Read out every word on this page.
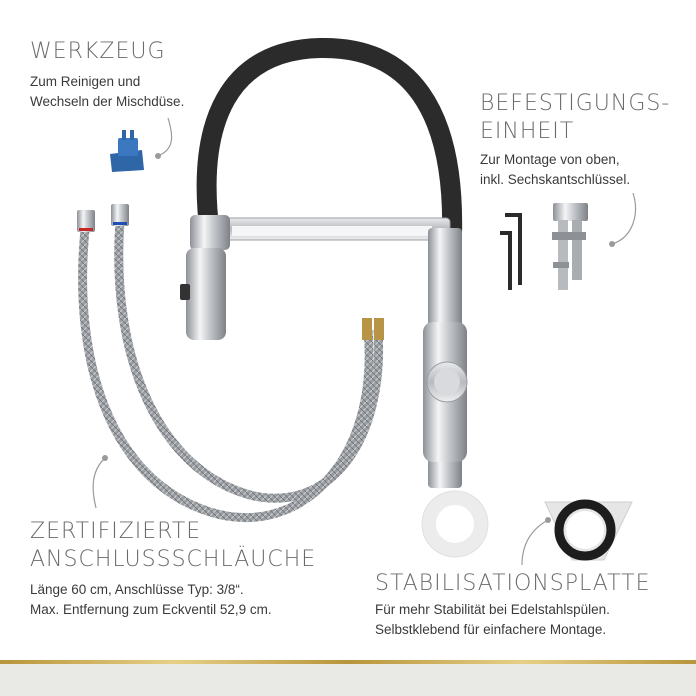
WERKZEUG
Zum Reinigen und
Wechseln der Mischdüse.	BEFESTIGUNGS-
EINHEIT
Zur Montage von oben,
inkl. Sechskantschlüssel.
ZERTIFIZIERTE
ANSCHLUSSSCHLÄUCHE
Länge 60 cm, Anschlüsse Typ: 3/8“.
Max. Entfernung zum Eckventil 52,9 cm.
STABILISATIONSPLATTE
Für mehr Stabilität bei Edelstahlspülen.
Selbstklebend für einfachere Montage.
